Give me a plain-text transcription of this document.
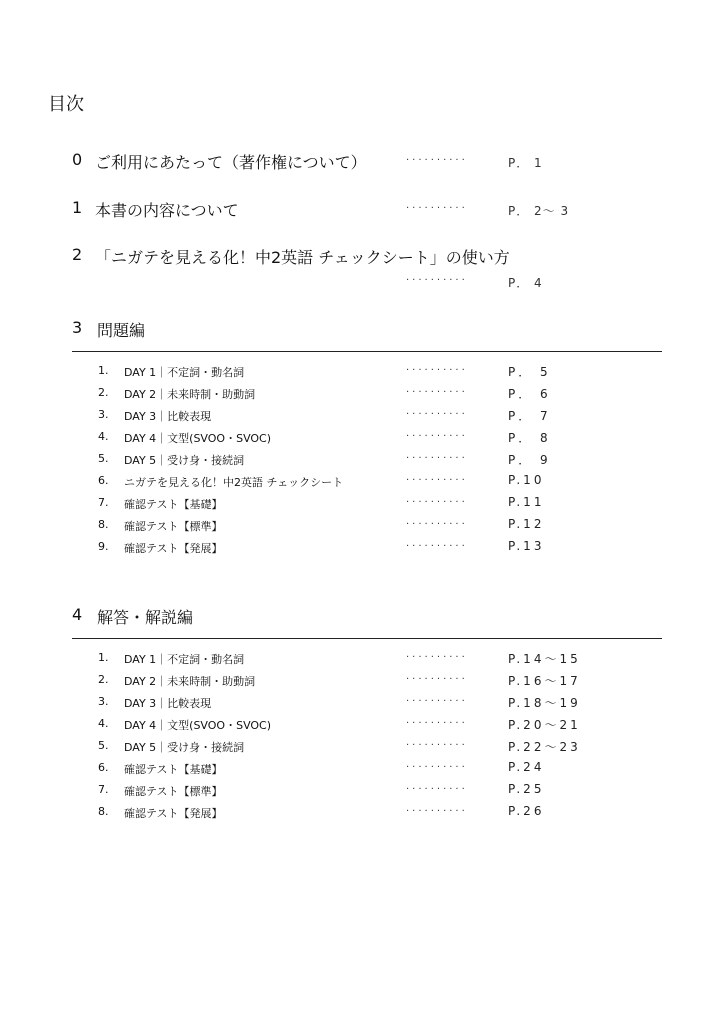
目次
0 ご利用にあたって（著作権について）	··········	P． 1
1 本書の内容について	··········	P． 2～ 3
2 「ニガテを見える化！中2英語 チェックシート」の使い方
··········	P． 4
3 問題編
1. DAY 1｜不定詞・動名詞	··········	P． 5
2. DAY 2｜未来時制・助動詞	··········	P． 6
3. DAY 3｜比較表現	··········	P． 7
4. DAY 4｜文型(SVOO・SVOC)	··········	P． 8
5. DAY 5｜受け身・接続詞	··········	P． 9
6. ニガテを見える化！中2英語 チェックシート	··········	P.10
7. 確認テスト【基礎】	··········	P.11
8. 確認テスト【標準】	··········	P.12
9. 確認テスト【発展】	··········	P.13
4 解答・解説編
1. DAY 1｜不定詞・動名詞	··········	P.14～15
2. DAY 2｜未来時制・助動詞	··········	P.16～17
3. DAY 3｜比較表現	··········	P.18～19
4. DAY 4｜文型(SVOO・SVOC)	··········	P.20～21
5. DAY 5｜受け身・接続詞	··········	P.22～23
6. 確認テスト【基礎】	··········	P.24
7. 確認テスト【標準】	··········	P.25
8. 確認テスト【発展】	··········	P.26
